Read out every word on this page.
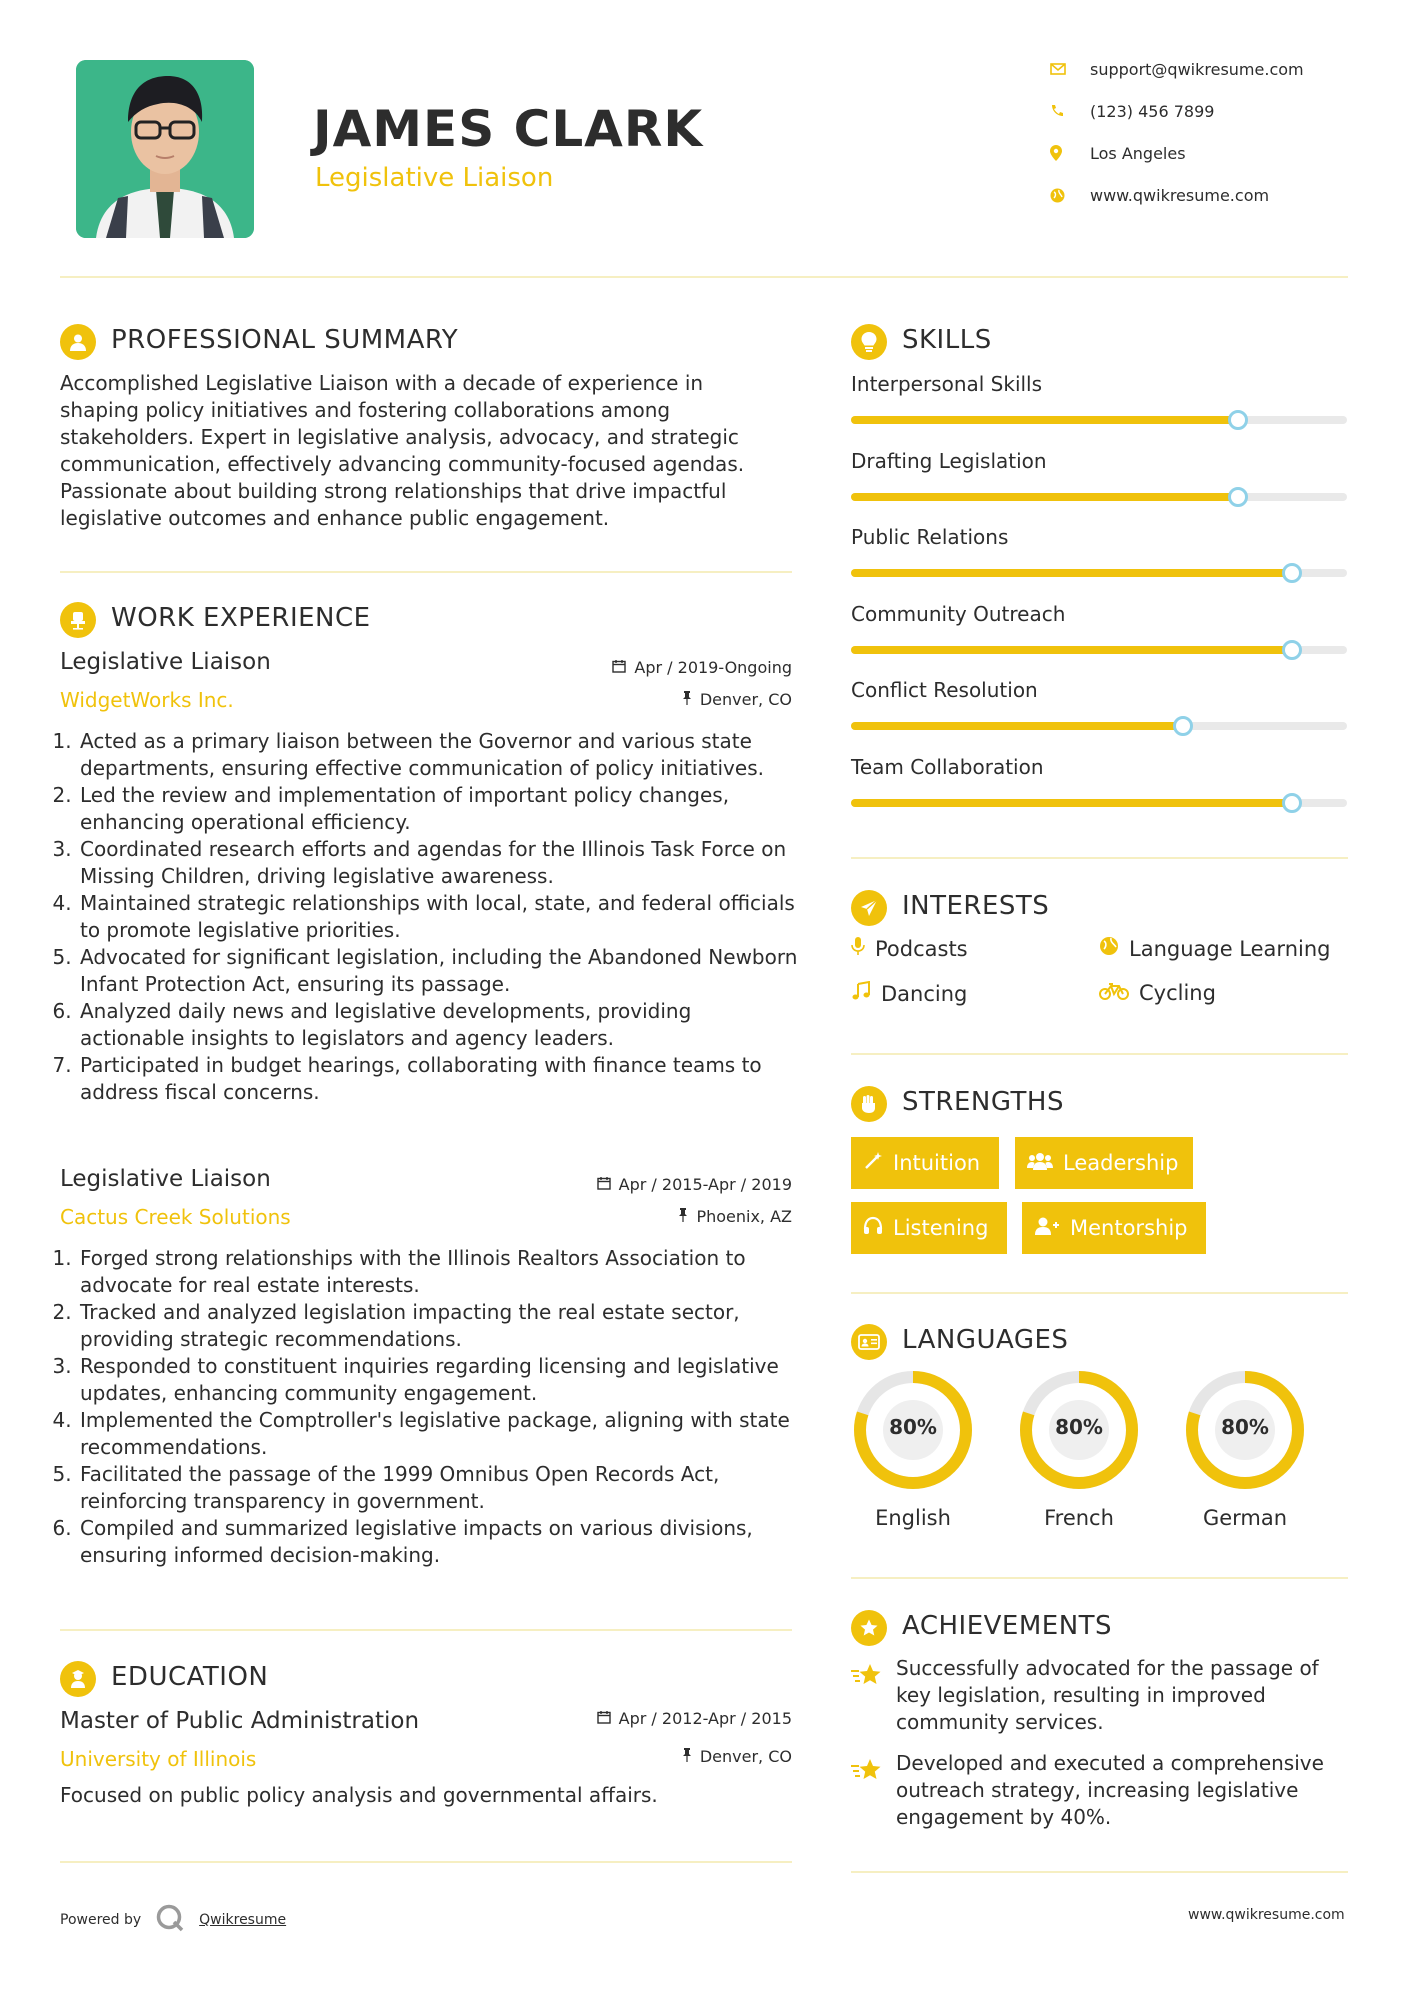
JAMES CLARK
Legislative Liaison
support@qwikresume.com
(123) 456 7899
Los Angeles
www.qwikresume.com
PROFESSIONAL SUMMARY
Accomplished Legislative Liaison with a decade of experience in
shaping policy initiatives and fostering collaborations among
stakeholders. Expert in legislative analysis, advocacy, and strategic
communication, effectively advancing community-focused agendas.
Passionate about building strong relationships that drive impactful
legislative outcomes and enhance public engagement.
WORK EXPERIENCE
Legislative Liaison	Apr / 2019-Ongoing
WidgetWorks Inc.	Denver, CO
1. Acted as a primary liaison between the Governor and various state departments, ensuring effective communication of policy initiatives.
2. Led the review and implementation of important policy changes, enhancing operational efficiency.
3. Coordinated research efforts and agendas for the Illinois Task Force on Missing Children, driving legislative awareness.
4. Maintained strategic relationships with local, state, and federal officials to promote legislative priorities.
5. Advocated for significant legislation, including the Abandoned Newborn Infant Protection Act, ensuring its passage.
6. Analyzed daily news and legislative developments, providing actionable insights to legislators and agency leaders.
7. Participated in budget hearings, collaborating with finance teams to address fiscal concerns.
Legislative Liaison	Apr / 2015-Apr / 2019
Cactus Creek Solutions	Phoenix, AZ
1. Forged strong relationships with the Illinois Realtors Association to advocate for real estate interests.
2. Tracked and analyzed legislation impacting the real estate sector, providing strategic recommendations.
3. Responded to constituent inquiries regarding licensing and legislative updates, enhancing community engagement.
4. Implemented the Comptroller's legislative package, aligning with state recommendations.
5. Facilitated the passage of the 1999 Omnibus Open Records Act, reinforcing transparency in government.
6. Compiled and summarized legislative impacts on various divisions, ensuring informed decision-making.
EDUCATION
Master of Public Administration	Apr / 2012-Apr / 2015
University of Illinois	Denver, CO
Focused on public policy analysis and governmental affairs.
SKILLS
Interpersonal Skills
Drafting Legislation
Public Relations
Community Outreach
Conflict Resolution
Team Collaboration
INTERESTS
Podcasts	Language Learning
Dancing	Cycling
STRENGTHS
Intuition	Leadership
Listening	Mentorship
LANGUAGES
80%
English
80%
French
80%
German
ACHIEVEMENTS
Successfully advocated for the passage of key legislation, resulting in improved community services.
Developed and executed a comprehensive outreach strategy, increasing legislative engagement by 40%.
Powered by	Qwikresume	www.qwikresume.com
